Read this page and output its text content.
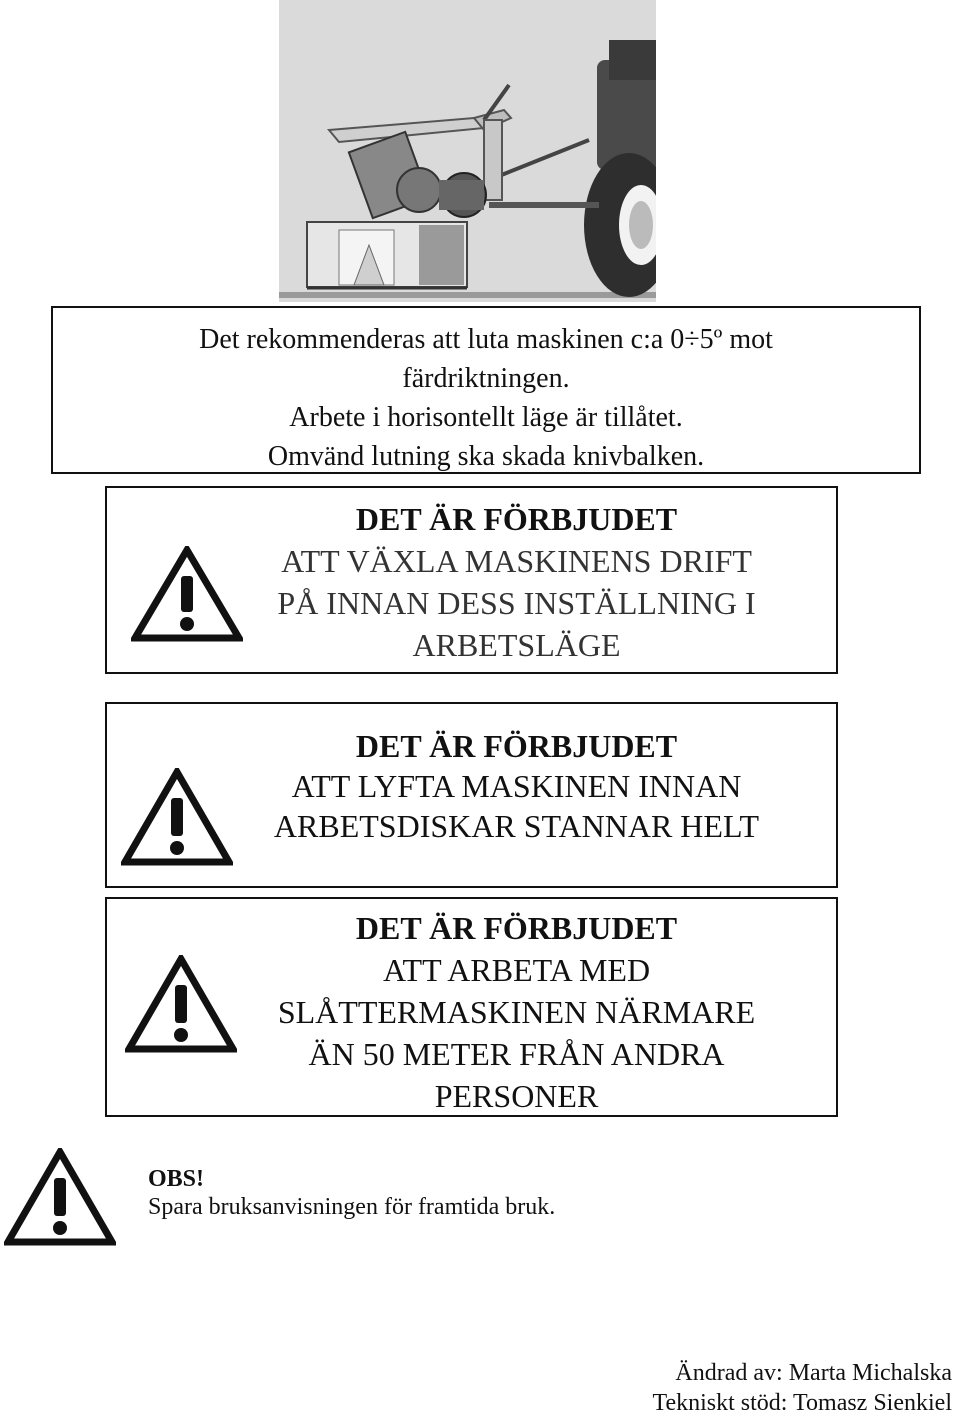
Det rekommenderas att luta maskinen c:a 0÷5º mot
färdriktningen.
Arbete i horisontellt läge är tillåtet.
Omvänd lutning ska skada knivbalken.
DET ÄR FÖRBJUDET
ATT VÄXLA MASKINENS DRIFT
PÅ INNAN DESS INSTÄLLNING I
ARBETSLÄGE
DET ÄR FÖRBJUDET
ATT LYFTA MASKINEN INNAN
ARBETSDISKAR STANNAR HELT
DET ÄR FÖRBJUDET
ATT ARBETA MED
SLÅTTERMASKINEN NÄRMARE
ÄN 50 METER FRÅN ANDRA
PERSONER
OBS!
Spara bruksanvisningen för framtida bruk.
Ändrad av: Marta Michalska
Tekniskt stöd: Tomasz Sienkiel
